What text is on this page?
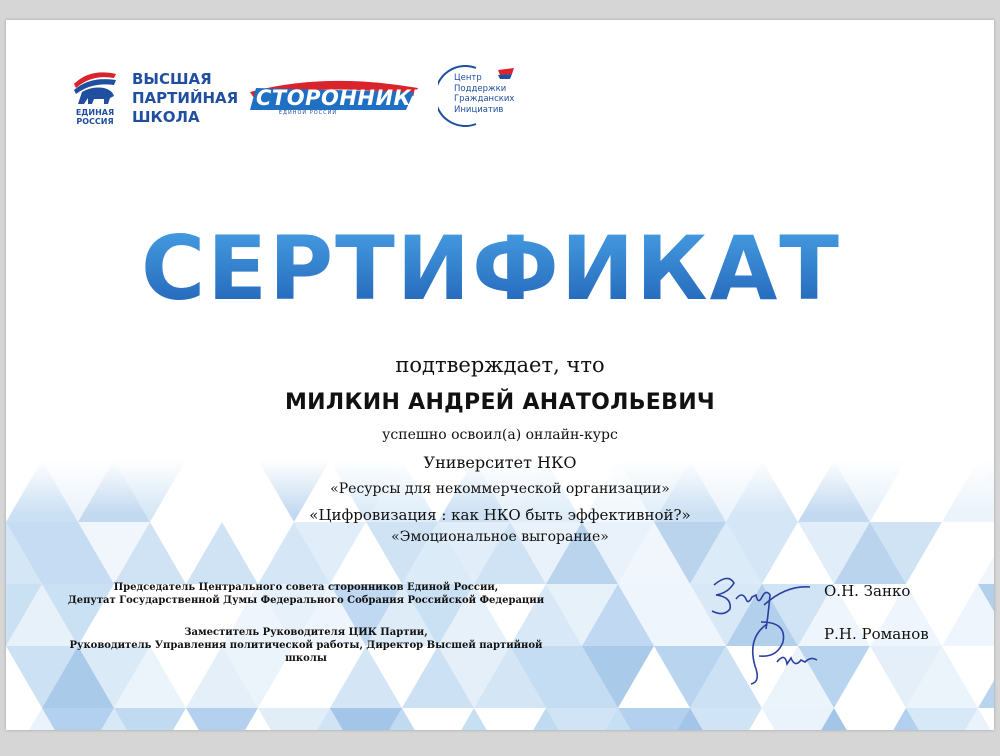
ЕДИНАЯ РОССИЯ
ВЫСШАЯ
ПАРТИЙНАЯ
ШКОЛА
СТОРОННИКИ
ЕДИНОЙ РОССИИ
Центр
Поддержки
Гражданских
Инициатив
СЕРТИФИКАТ
подтверждает, что
МИЛКИН АНДРЕЙ АНАТОЛЬЕВИЧ
успешно освоил(а) онлайн-курс
Университет НКО
«Ресурсы для некоммерческой организации»
«Цифровизация : как НКО быть эффективной?»
«Эмоциональное выгорание»
Председатель Центрального совета сторонников Единой России,
Депутат Государственной Думы Федерального Собрания Российской Федерации
Заместитель Руководителя ЦИК Партии,
Руководитель Управления политической работы, Директор Высшей партийной
школы
О.Н. Занко
Р.Н. Романов
